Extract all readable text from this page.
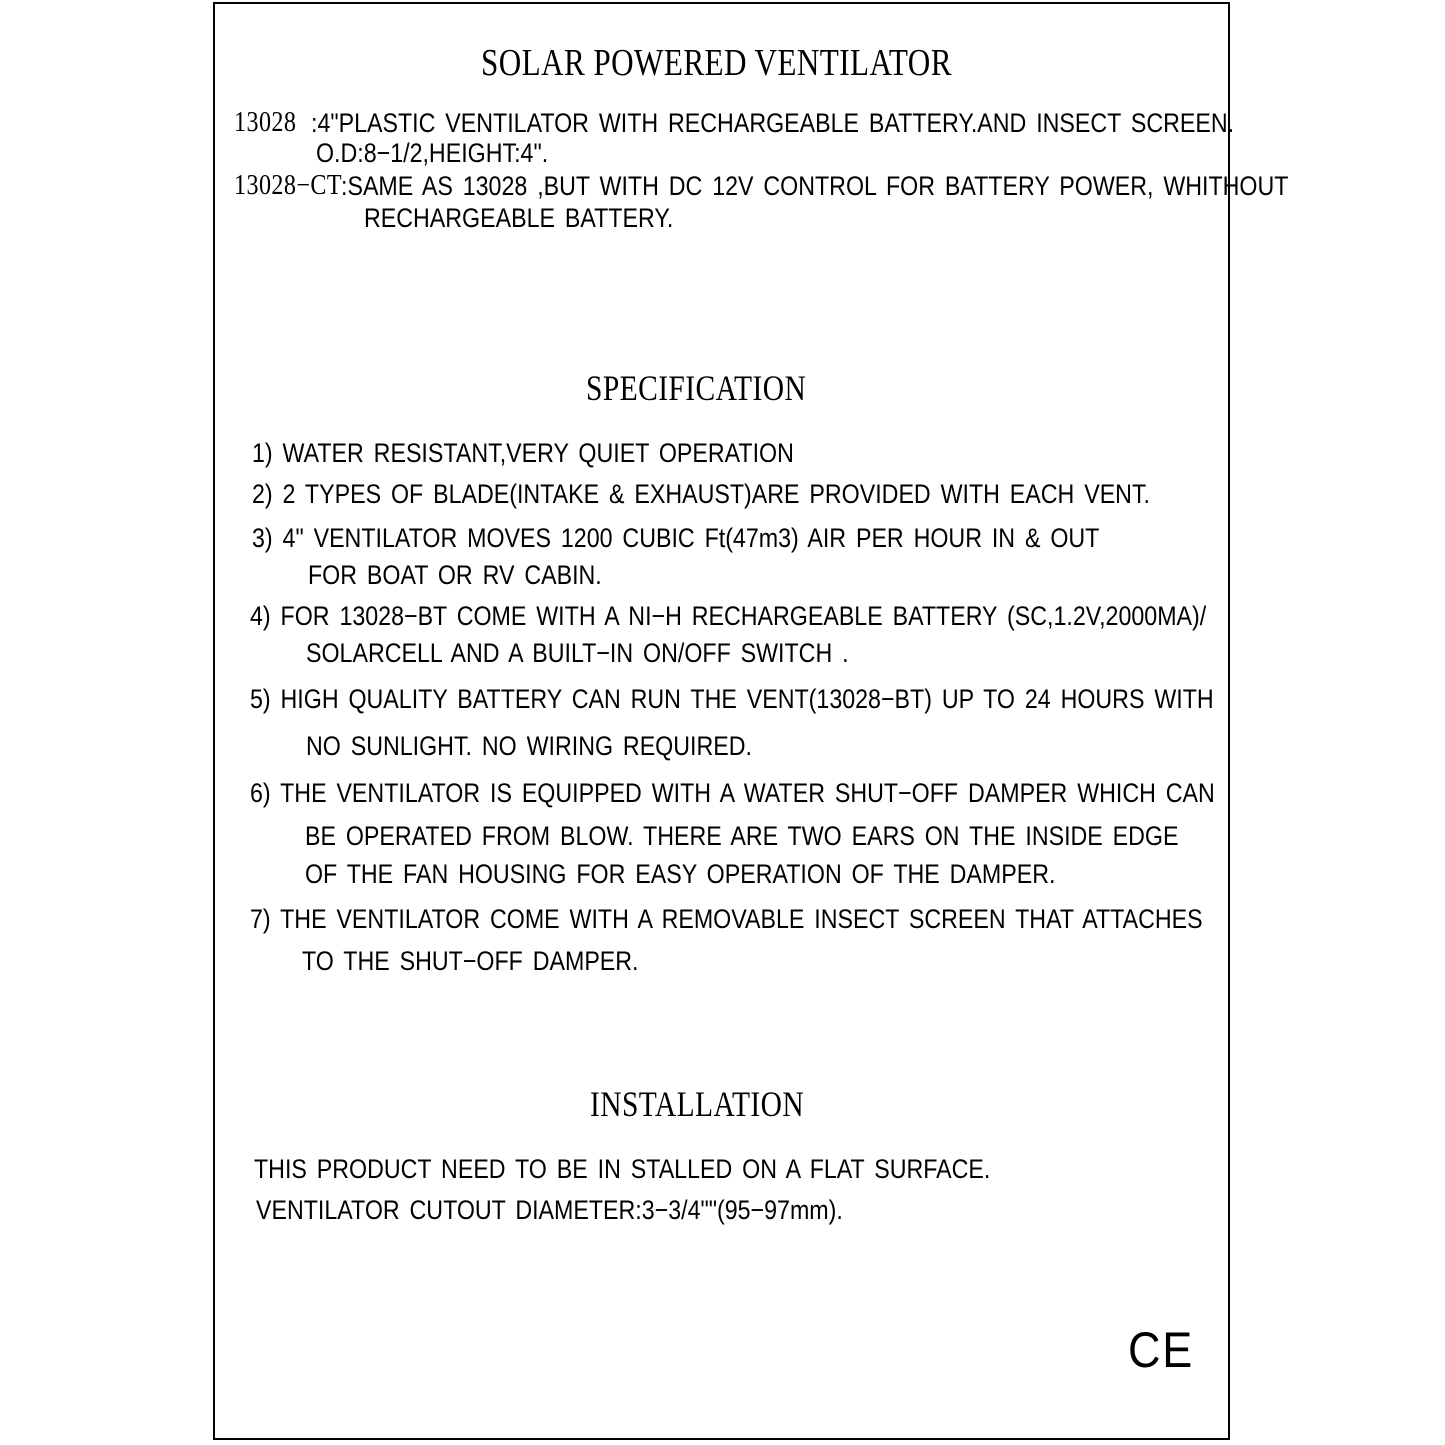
SOLAR POWERED VENTILATOR
13028 :4"PLASTIC VENTILATOR WITH RECHARGEABLE BATTERY.AND INSECT SCREEN.
O.D:8−1/2,HEIGHT:4".
13028−CT :SAME AS 13028 ,BUT WITH DC 12V CONTROL FOR BATTERY POWER, WHITHOUT
RECHARGEABLE BATTERY.
SPECIFICATION
1) WATER RESISTANT,VERY QUIET OPERATION
2) 2 TYPES OF BLADE(INTAKE & EXHAUST)ARE PROVIDED WITH EACH VENT.
3) 4" VENTILATOR MOVES 1200 CUBIC Ft(47m3) AIR PER HOUR IN & OUT
FOR BOAT OR RV CABIN.
4) FOR 13028−BT COME WITH A NI−H RECHARGEABLE BATTERY (SC,1.2V,2000MA)/
SOLARCELL AND A BUILT−IN ON/OFF SWITCH .
5) HIGH QUALITY BATTERY CAN RUN THE VENT(13028−BT) UP TO 24 HOURS WITH
NO SUNLIGHT. NO WIRING REQUIRED.
6) THE VENTILATOR IS EQUIPPED WITH A WATER SHUT−OFF DAMPER WHICH CAN
BE OPERATED FROM BLOW. THERE ARE TWO EARS ON THE INSIDE EDGE
OF THE FAN HOUSING FOR EASY OPERATION OF THE DAMPER.
7) THE VENTILATOR COME WITH A REMOVABLE INSECT SCREEN THAT ATTACHES
TO THE SHUT−OFF DAMPER.
INSTALLATION
THIS PRODUCT NEED TO BE IN STALLED ON A FLAT SURFACE.
VENTILATOR CUTOUT DIAMETER:3−3/4""(95−97mm).
CE
